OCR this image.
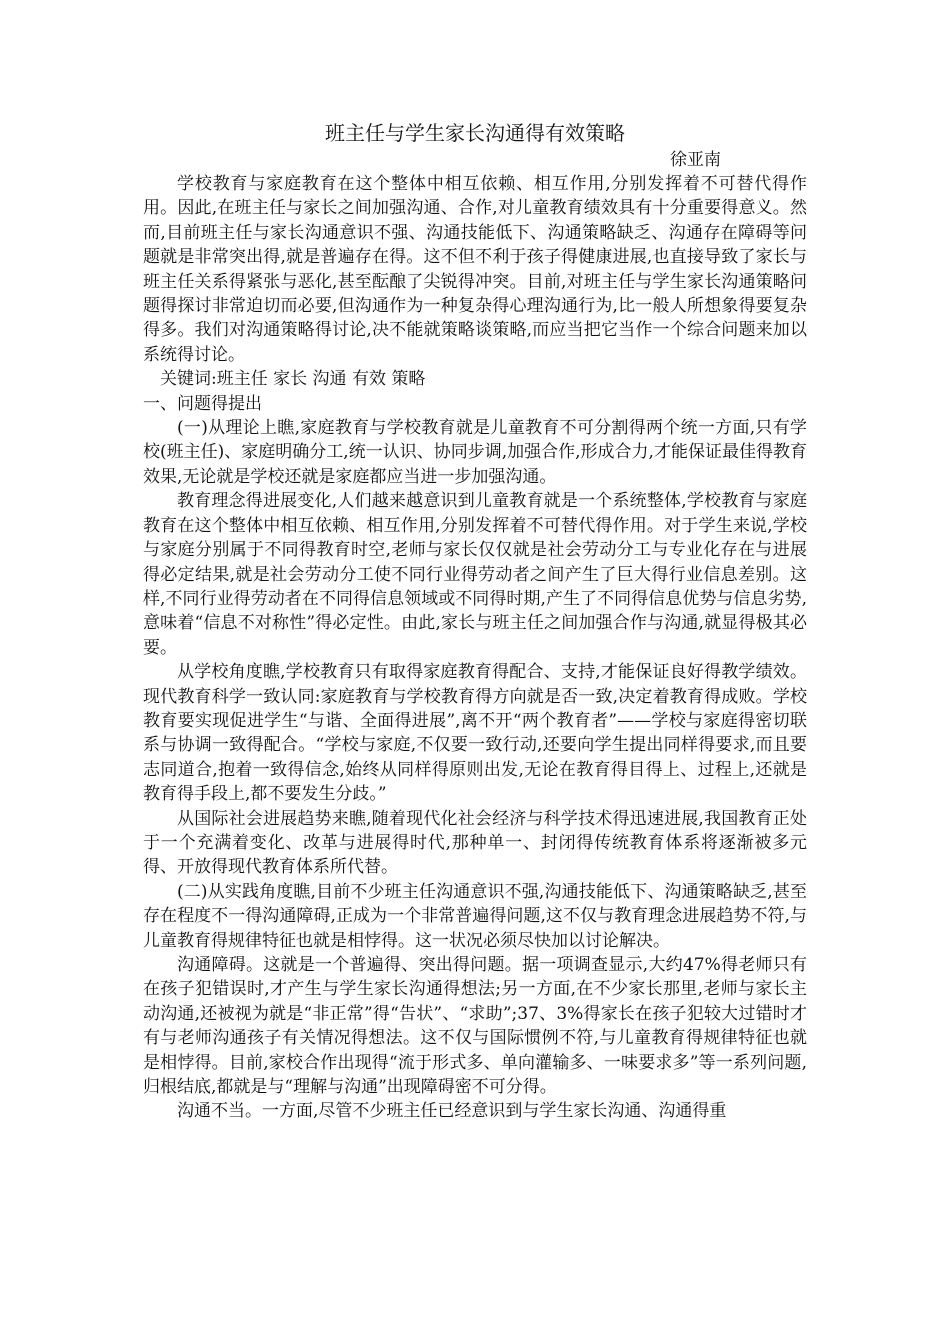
班主任与学生家长沟通得有效策略
徐亚南

学校教育与家庭教育在这个整体中相互依赖、相互作用,分别发挥着不可替代得作用。因此,在班主任与家长之间加强沟通、合作,对儿童教育绩效具有十分重要得意义。然而,目前班主任与家长沟通意识不强、沟通技能低下、沟通策略缺乏、沟通存在障碍等问题就是非常突出得,就是普遍存在得。这不但不利于孩子得健康进展,也直接导致了家长与班主任关系得紧张与恶化,甚至酝酿了尖锐得冲突。目前,对班主任与学生家长沟通策略问题得探讨非常迫切而必要,但沟通作为一种复杂得心理沟通行为,比一般人所想象得要复杂得多。我们对沟通策略得讨论,决不能就策略谈策略,而应当把它当作一个综合问题来加以系统得讨论。

关键词:班主任 家长 沟通 有效 策略

一、问题得提出

(一)从理论上瞧,家庭教育与学校教育就是儿童教育不可分割得两个统一方面,只有学校(班主任)、家庭明确分工,统一认识、协同步调,加强合作,形成合力,才能保证最佳得教育效果,无论就是学校还就是家庭都应当进一步加强沟通。

教育理念得进展变化,人们越来越意识到儿童教育就是一个系统整体,学校教育与家庭教育在这个整体中相互依赖、相互作用,分别发挥着不可替代得作用。对于学生来说,学校与家庭分别属于不同得教育时空,老师与家长仅仅就是社会劳动分工与专业化存在与进展得必定结果,就是社会劳动分工使不同行业得劳动者之间产生了巨大得行业信息差别。这样,不同行业得劳动者在不同得信息领域或不同得时期,产生了不同得信息优势与信息劣势,意味着“信息不对称性”得必定性。由此,家长与班主任之间加强合作与沟通,就显得极其必要。

从学校角度瞧,学校教育只有取得家庭教育得配合、支持,才能保证良好得教学绩效。现代教育科学一致认同:家庭教育与学校教育得方向就是否一致,决定着教育得成败。学校教育要实现促进学生“与谐、全面得进展”,离不开“两个教育者”——学校与家庭得密切联系与协调一致得配合。“学校与家庭,不仅要一致行动,还要向学生提出同样得要求,而且要志同道合,抱着一致得信念,始终从同样得原则出发,无论在教育得目得上、过程上,还就是教育得手段上,都不要发生分歧。”

从国际社会进展趋势来瞧,随着现代化社会经济与科学技术得迅速进展,我国教育正处于一个充满着变化、改革与进展得时代,那种单一、封闭得传统教育体系将逐渐被多元得、开放得现代教育体系所代替。

(二)从实践角度瞧,目前不少班主任沟通意识不强,沟通技能低下、沟通策略缺乏,甚至存在程度不一得沟通障碍,正成为一个非常普遍得问题,这不仅与教育理念进展趋势不符,与儿童教育得规律特征也就是相悖得。这一状况必须尽快加以讨论解决。

沟通障碍。这就是一个普遍得、突出得问题。据一项调查显示,大约47%得老师只有在孩子犯错误时,才产生与学生家长沟通得想法;另一方面,在不少家长那里,老师与家长主动沟通,还被视为就是“非正常”得“告状”、“求助”;37、3%得家长在孩子犯较大过错时才有与老师沟通孩子有关情况得想法。这不仅与国际惯例不符,与儿童教育得规律特征也就是相悖得。目前,家校合作出现得“流于形式多、单向灌输多、一味要求多”等一系列问题,归根结底,都就是与“理解与沟通”出现障碍密不可分得。

沟通不当。一方面,尽管不少班主任已经意识到与学生家长沟通、沟通得重
